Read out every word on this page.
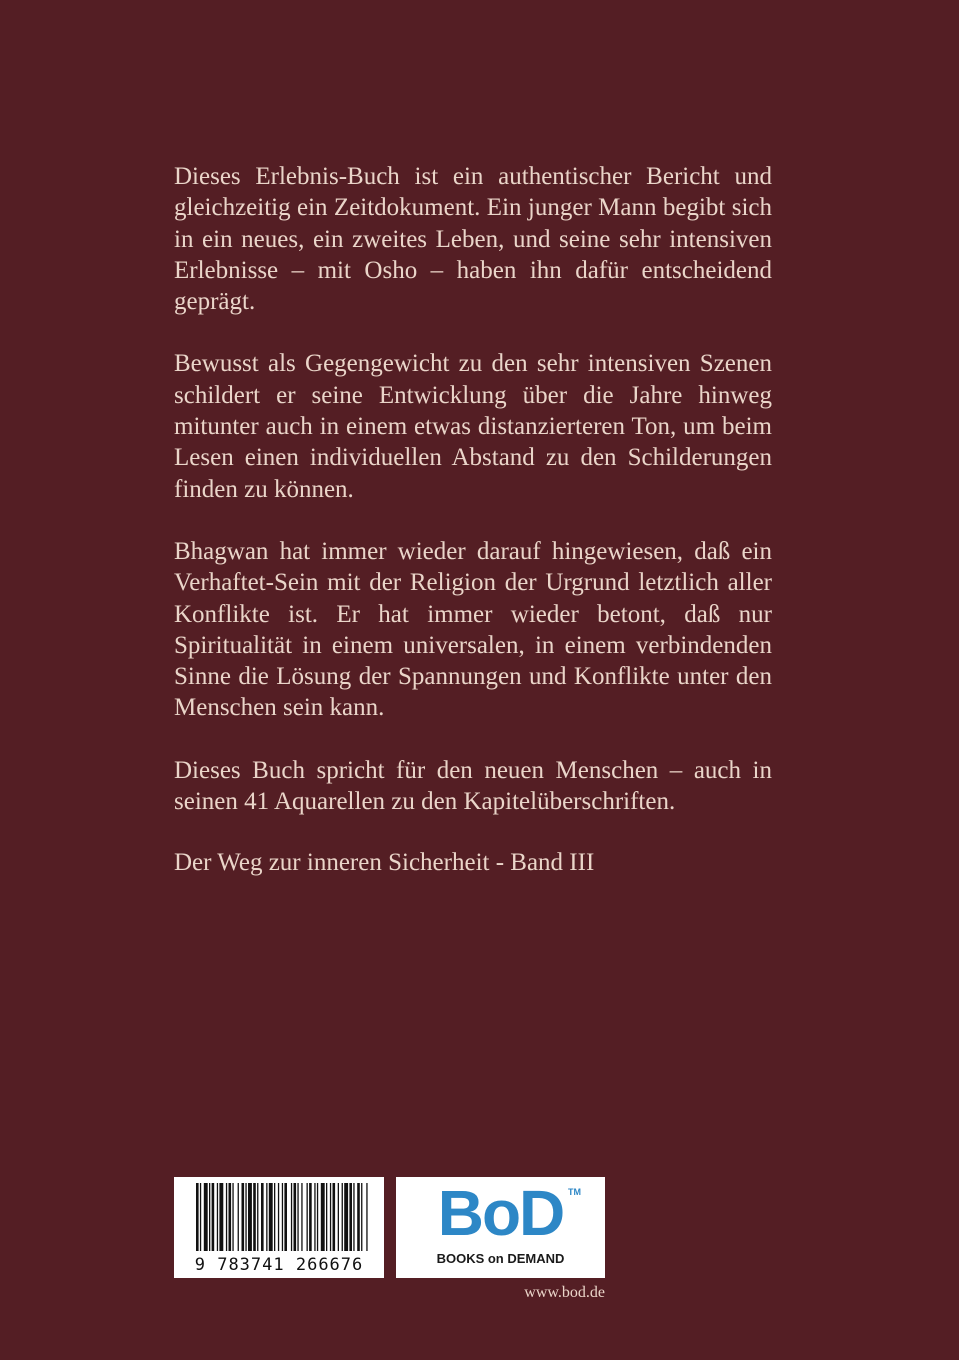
Dieses Erlebnis-Buch ist ein authentischer Bericht und gleichzeitig ein Zeitdokument. Ein junger Mann begibt sich in ein neues, ein zweites Leben, und seine sehr intensiven Erlebnisse – mit Osho – haben ihn dafür entscheidend geprägt.

Bewusst als Gegengewicht zu den sehr intensiven Szenen schildert er seine Entwicklung über die Jahre hinweg mitunter auch in einem etwas distanzierteren Ton, um beim Lesen einen individuellen Abstand zu den Schilderungen finden zu können.

Bhagwan hat immer wieder darauf hingewiesen, daß ein Verhaftet-Sein mit der Religion der Urgrund letztlich aller Konflikte ist. Er hat immer wieder betont, daß nur Spiritualität in einem universalen, in einem verbindenden Sinne die Lösung der Spannungen und Konflikte unter den Menschen sein kann.

Dieses Buch spricht für den neuen Menschen – auch in seinen 41 Aquarellen zu den Kapitelüberschriften.

Der Weg zur inneren Sicherheit - Band III

9 783741 266676
BoD TM
BOOKS on DEMAND
www.bod.de
